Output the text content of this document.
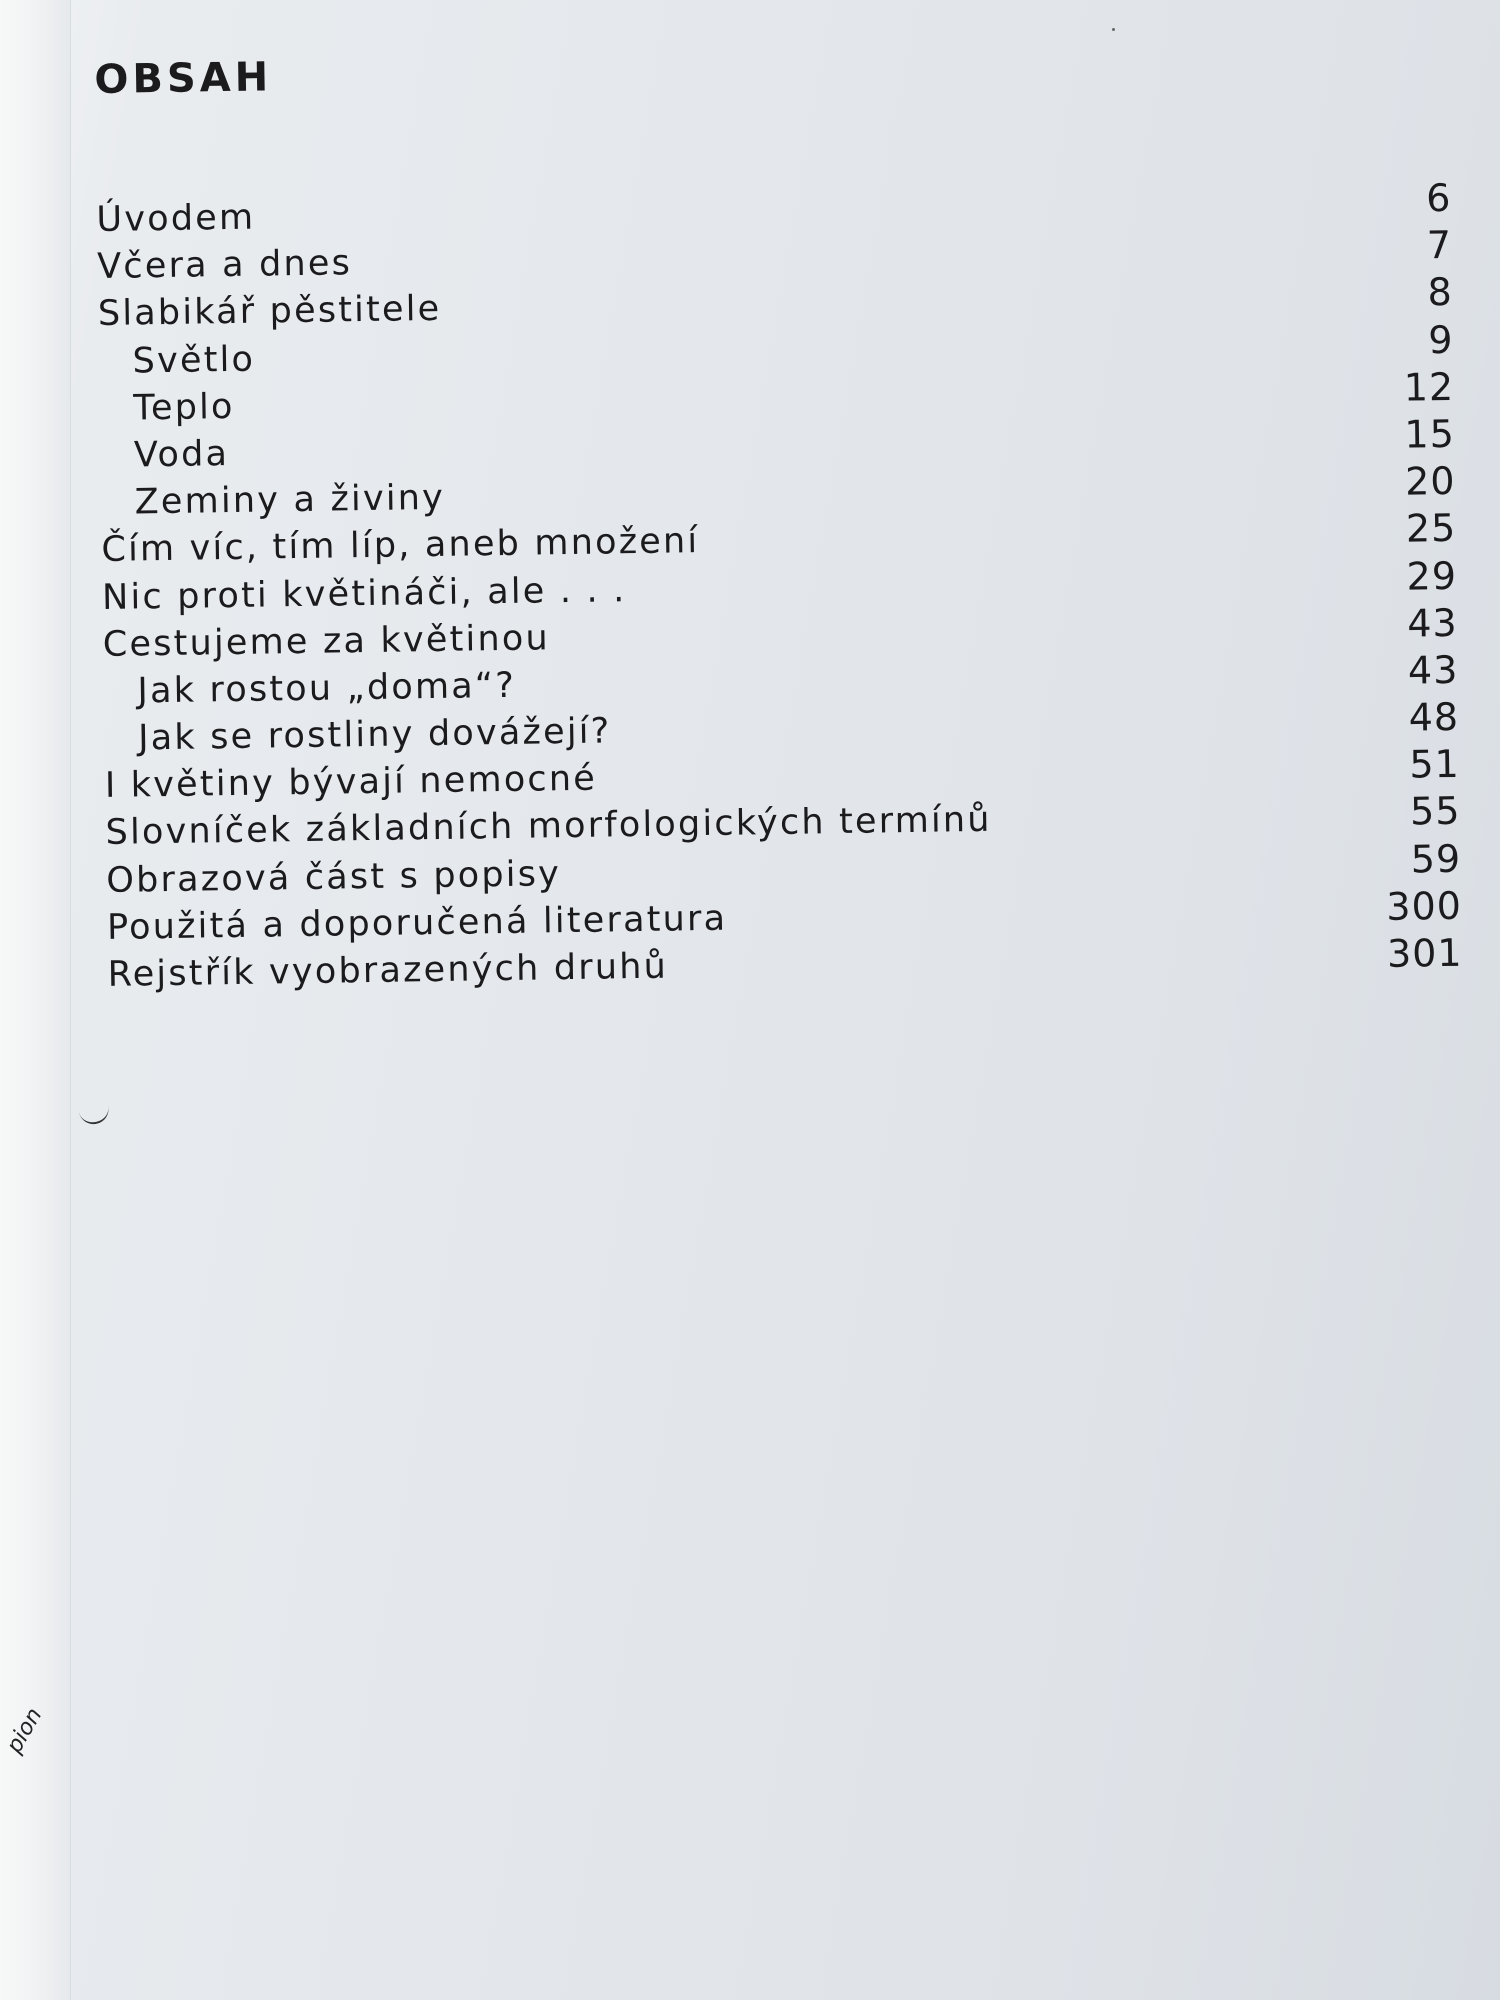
pion
OBSAH
Úvodem	6
Včera a dnes	7
Slabikář pěstitele	8
Světlo	9
Teplo	12
Voda	15
Zeminy a živiny	20
Čím víc, tím líp, aneb množení	25
Nic proti květináči, ale . . .	29
Cestujeme za květinou	43
Jak rostou „doma“?	43
Jak se rostliny dovážejí?	48
I květiny bývají nemocné	51
Slovníček základních morfologických termínů	55
Obrazová část s popisy	59
Použitá a doporučená literatura	300
Rejstřík vyobrazených druhů	301
